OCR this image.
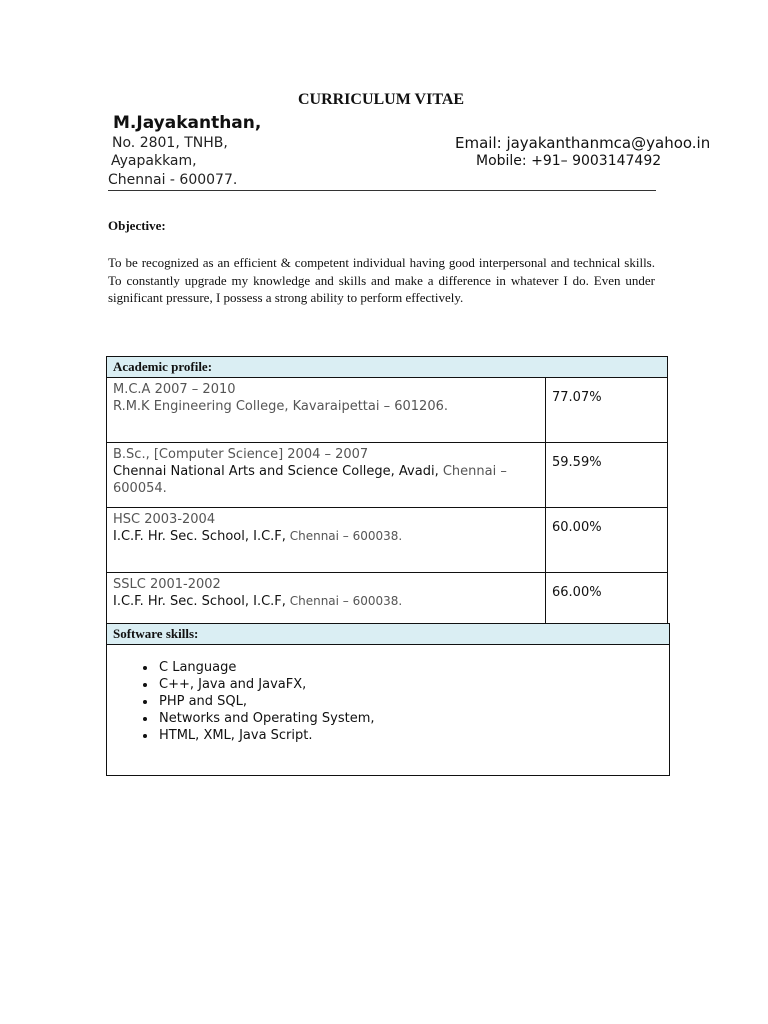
CURRICULUM VITAE
M.Jayakanthan,
No. 2801, TNHB,
Ayapakkam,
Chennai - 600077.
Email: jayakanthanmca@yahoo.in
Mobile: +91– 9003147492
Objective:
To be recognized as an efficient & competent individual having good interpersonal and technical skills. To constantly upgrade my knowledge and skills and make a difference in whatever I do. Even under significant pressure, I possess a strong ability to perform effectively.
Academic profile:	

M.C.A 2007 – 2010
R.M.K Engineering College, Kavaraipettai – 601206.	77.07%

B.Sc., [Computer Science] 2004 – 2007
Chennai National Arts and Science College, Avadi, Chennai – 600054.	59.59%

HSC 2003-2004
I.C.F. Hr. Sec. School, I.C.F, Chennai – 600038.	60.00%

SSLC 2001-2002
I.C.F. Hr. Sec. School, I.C.F, Chennai – 600038.	66.00%
Software skills:

• C Language
• C++, Java and JavaFX,
• PHP and SQL,
• Networks and Operating System,
• HTML, XML, Java Script.
